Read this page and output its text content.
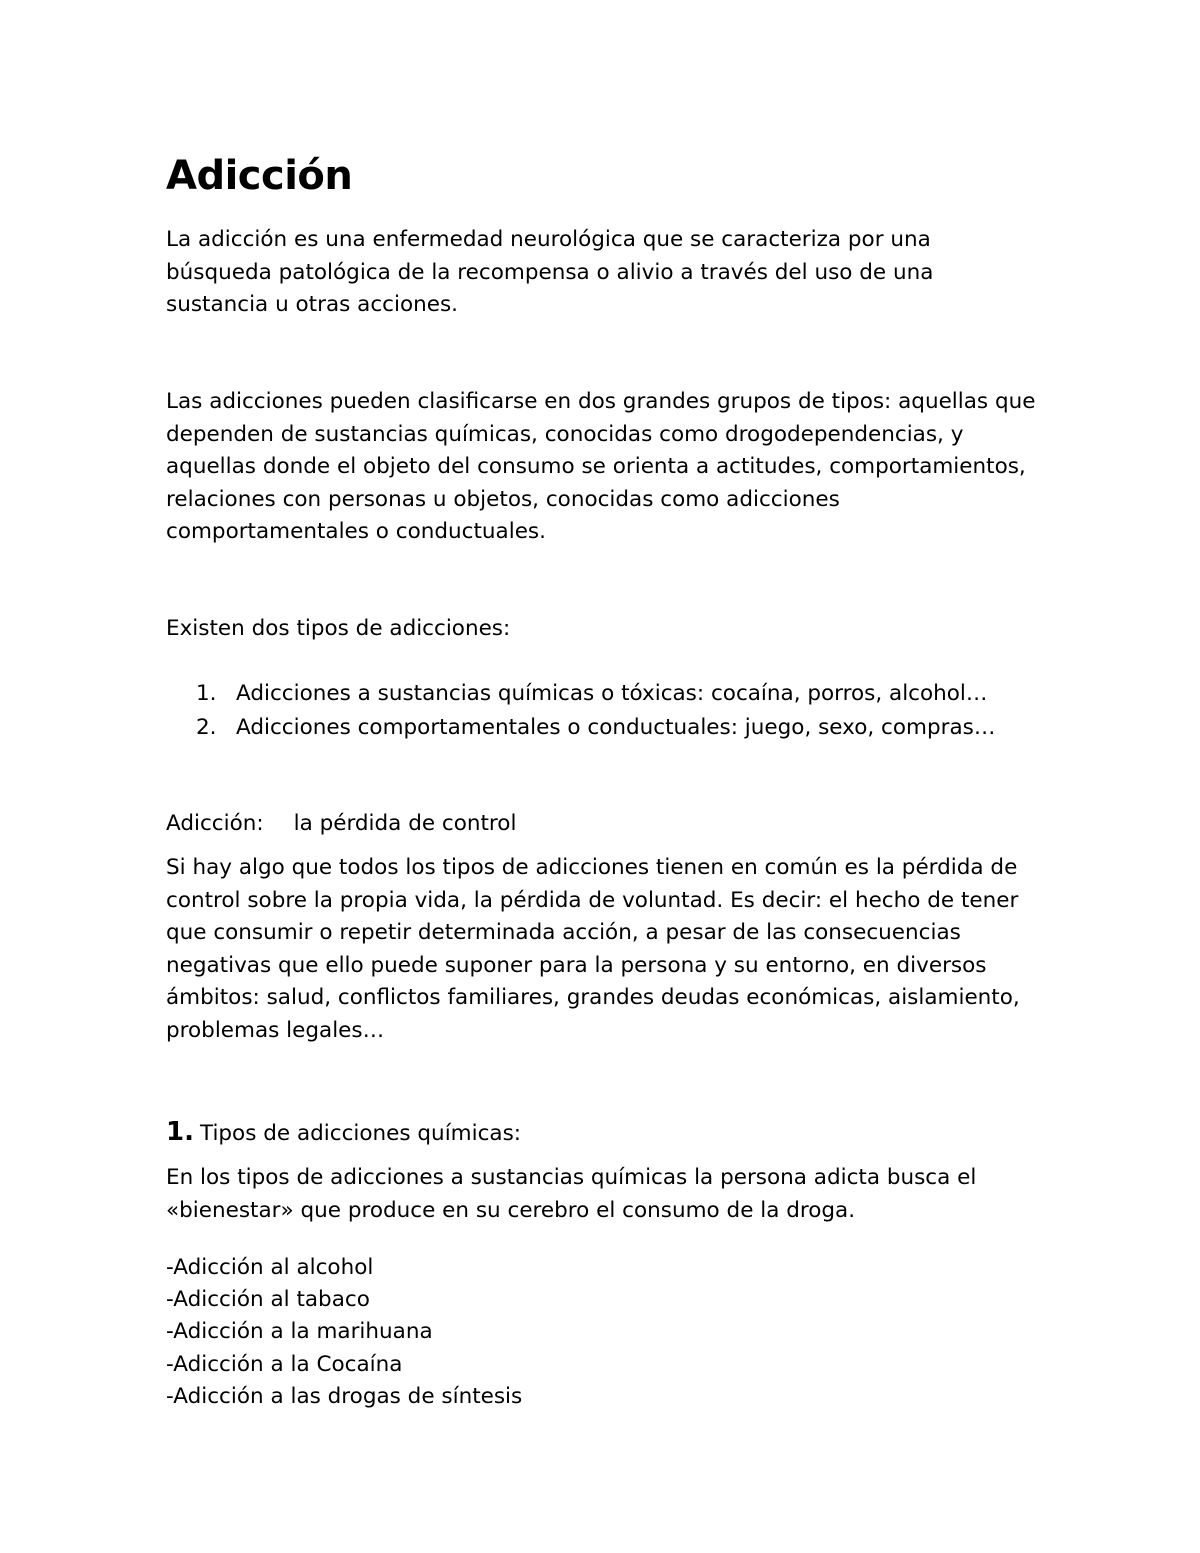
Adicción

La adicción es una enfermedad neurológica que se caracteriza por una búsqueda patológica de la recompensa o alivio a través del uso de una sustancia u otras acciones.

Las adicciones pueden clasificarse en dos grandes grupos de tipos: aquellas que dependen de sustancias químicas, conocidas como drogodependencias, y aquellas donde el objeto del consumo se orienta a actitudes, comportamientos, relaciones con personas u objetos, conocidas como adicciones comportamentales o conductuales.

Existen dos tipos de adicciones:

1. Adicciones a sustancias químicas o tóxicas: cocaína, porros, alcohol…
2. Adicciones comportamentales o conductuales: juego, sexo, compras…
Adicción: la pérdida de control

Si hay algo que todos los tipos de adicciones tienen en común es la pérdida de control sobre la propia vida, la pérdida de voluntad. Es decir: el hecho de tener que consumir o repetir determinada acción, a pesar de las consecuencias negativas que ello puede suponer para la persona y su entorno, en diversos ámbitos: salud, conflictos familiares, grandes deudas económicas, aislamiento, problemas legales…

1. Tipos de adicciones químicas:

En los tipos de adicciones a sustancias químicas la persona adicta busca el «bienestar» que produce en su cerebro el consumo de la droga.

-Adicción al alcohol
-Adicción al tabaco
-Adicción a la marihuana
-Adicción a la Cocaína
-Adicción a las drogas de síntesis
